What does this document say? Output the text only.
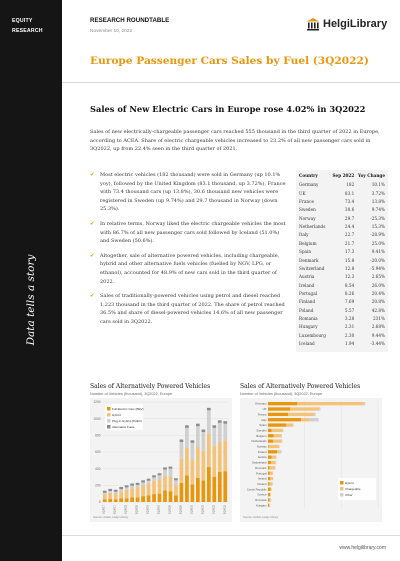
EQUITY
RESEARCH
Data tells a story
RESEARCH ROUNDTABLE
November 10, 2022
HelgiLibrary
Europe Passenger Cars Sales by Fuel (3Q2022)
Sales of New Electric Cars in Europe rose 4.02% in 3Q2022
Sales of new electrically-chargeable passenger cars reached 555 thousand in the third quarter of 2022 in Europe, according to ACEA. Share of electric chargeable vehicles increased to 23.2% of all new passenger cars sold in 3Q2022, up from 22.4% seen in the third quarter of 2021.
✔ Most electric vehicles (182 thousand) were sold in Germany (up 10.1% yoy), followed by the United Kingdom (83.1 thousand, up 3.72%), France with 73.4 thousand cars (up 13.8%), 30.6 thousand new vehicles were registered in Sweden (up 9.74%) and 29.7 thousand in Norway (down 25.3%).
✔ In relative terms, Norway liked the electric chargeable vehicles the most with 86.7% of all new passenger cars sold followed by Iceland (51.0%) and Sweden (50.6%).
✔ Altogether, sale of alternative powered vehicles, including chargeable, hybrid and other alternative fuels vehicles (fuelled by NGV, LPG, or ethanol), accounted for 48.9% of new cars sold in the third quarter of 2022.
✔ Sales of traditionally-powered vehicles using petrol and diesel reached 1,223 thousand in the third quarter of 2022. The share of petrol reached 36.5% and share of diesel-powered vehicles 14.6% of all new passenger cars sold in 3Q2022.
Country	Sep 2022	Yoy Change
Germany	182	10.1%
UK	83.1	3.72%
France	73.4	13.8%
Sweden	30.6	9.74%
Norway	29.7	-25.3%
Netherlands	24.4	15.3%
Italy	22.7	-28.9%
Belgium	21.7	25.0%
Spain	17.3	9.41%
Denmark	15.8	-20.0%
Switzerland	12.8	-5.94%
Austria	12.3	2.65%
Ireland	8.54	26.0%
Portugal	8.26	20.4%
Finland	7.69	20.8%
Poland	5.57	42.8%
Romania	3.28	231%
Hungary	2.31	2.68%
Luxembourg	2.30	9.44%
Iceland	1.94	-3.44%
Sales of Alternatively Powered Vehicles
Number of Vehicles (thousand), 3Q2022, Europe
0
200
400
600
800
1000
1200
1Q2017	3Q2017	1Q2018	3Q2018	1Q2019	3Q2019	1Q2020	3Q2020	1Q2021	3Q2021	1Q2022	3Q2022
Full Electric Cars (BEV)
Hybrid
Plug-in Hybrid (PHEV)
Alternative Fuels
Source: ACEA, Helgi Library
Sales of Alternatively Powered Vehicles
Number of Vehicles (thousand), 3Q2022, Europe
Germany
UK
France
Italy
Spain
Sweden
Belgium
Netherlands
Norway
Poland
Austria
Switzerland
Denmark
Portugal
Ireland
Finland
Czech Republic
Greece
Romania
Hungary
Hybrid
Chargeable
Other
Source: ACEA, Helgi Library
www.helgilibrary.com
